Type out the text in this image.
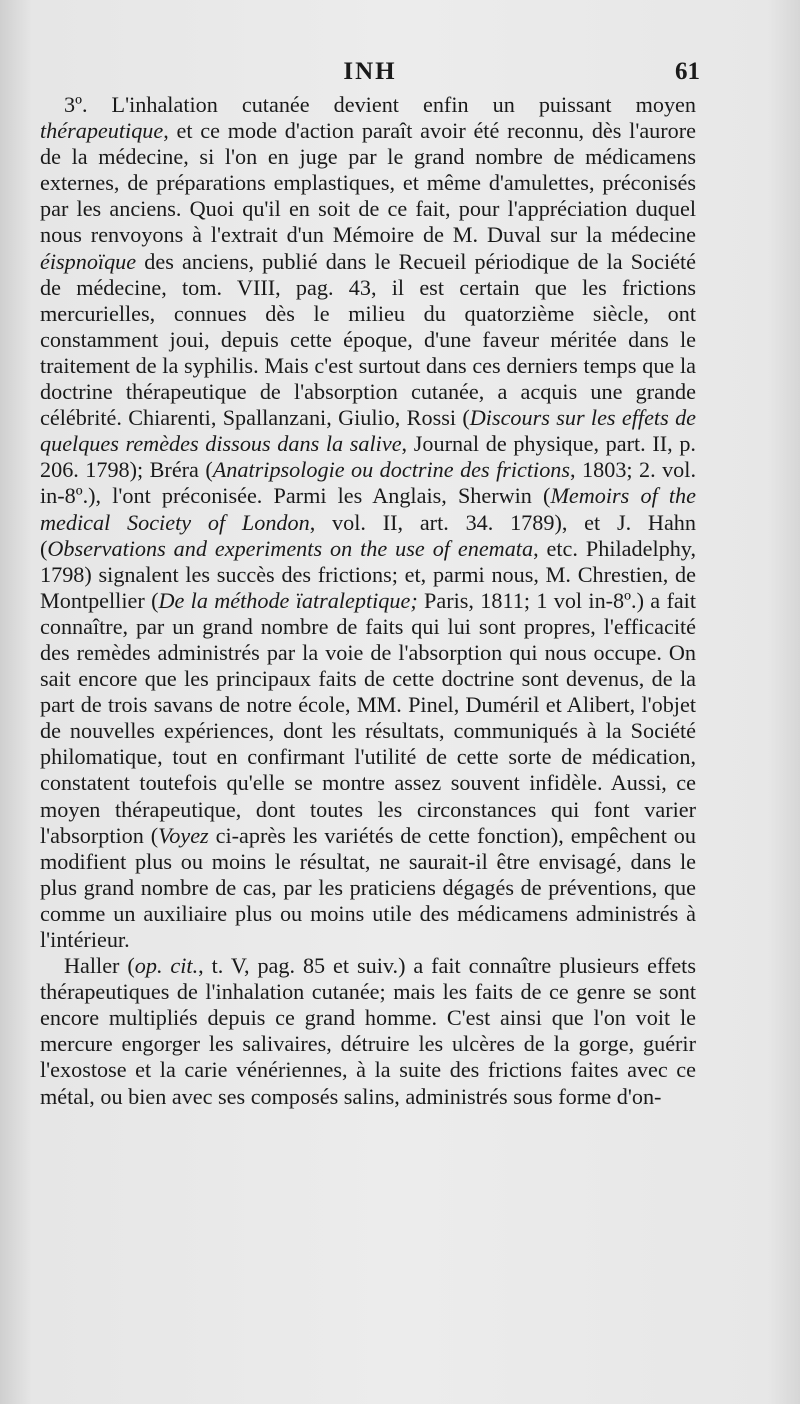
INH	61

3º. L'inhalation cutanée devient enfin un puissant moyen thérapeutique, et ce mode d'action paraît avoir été reconnu, dès l'aurore de la médecine, si l'on en juge par le grand nombre de médicamens externes, de préparations emplastiques, et même d'amulettes, préconisés par les anciens. Quoi qu'il en soit de ce fait, pour l'appréciation duquel nous renvoyons à l'extrait d'un Mémoire de M. Duval sur la médecine éispnoïque des anciens, publié dans le Recueil périodique de la Société de médecine, tom. VIII, pag. 43, il est certain que les frictions mercurielles, connues dès le milieu du quatorzième siècle, ont constamment joui, depuis cette époque, d'une faveur méritée dans le traitement de la syphilis. Mais c'est surtout dans ces derniers temps que la doctrine thérapeutique de l'absorption cutanée, a acquis une grande célébrité. Chiarenti, Spallanzani, Giulio, Rossi (Discours sur les effets de quelques remèdes dissous dans la salive, Journal de physique, part. II, p. 206. 1798); Bréra (Anatripsologie ou doctrine des frictions, 1803; 2. vol. in-8º.), l'ont préconisée. Parmi les Anglais, Sherwin (Memoirs of the medical Society of London, vol. II, art. 34. 1789), et J. Hahn (Observations and experiments on the use of enemata, etc. Philadelphy, 1798) signalent les succès des frictions; et, parmi nous, M. Chrestien, de Montpellier (De la méthode ïatraleptique; Paris, 1811; 1 vol in-8º.) a fait connaître, par un grand nombre de faits qui lui sont propres, l'efficacité des remèdes administrés par la voie de l'absorption qui nous occupe. On sait encore que les principaux faits de cette doctrine sont devenus, de la part de trois savans de notre école, MM. Pinel, Duméril et Alibert, l'objet de nouvelles expériences, dont les résultats, communiqués à la Société philomatique, tout en confirmant l'utilité de cette sorte de médication, constatent toutefois qu'elle se montre assez souvent infidèle. Aussi, ce moyen thérapeutique, dont toutes les circonstances qui font varier l'absorption (Voyez ci-après les variétés de cette fonction), empêchent ou modifient plus ou moins le résultat, ne saurait-il être envisagé, dans le plus grand nombre de cas, par les praticiens dégagés de préventions, que comme un auxiliaire plus ou moins utile des médicamens administrés à l'intérieur.

Haller (op. cit., t. V, pag. 85 et suiv.) a fait connaître plusieurs effets thérapeutiques de l'inhalation cutanée; mais les faits de ce genre se sont encore multipliés depuis ce grand homme. C'est ainsi que l'on voit le mercure engorger les salivaires, détruire les ulcères de la gorge, guérir l'exostose et la carie vénériennes, à la suite des frictions faites avec ce métal, ou bien avec ses composés salins, administrés sous forme d'on-
